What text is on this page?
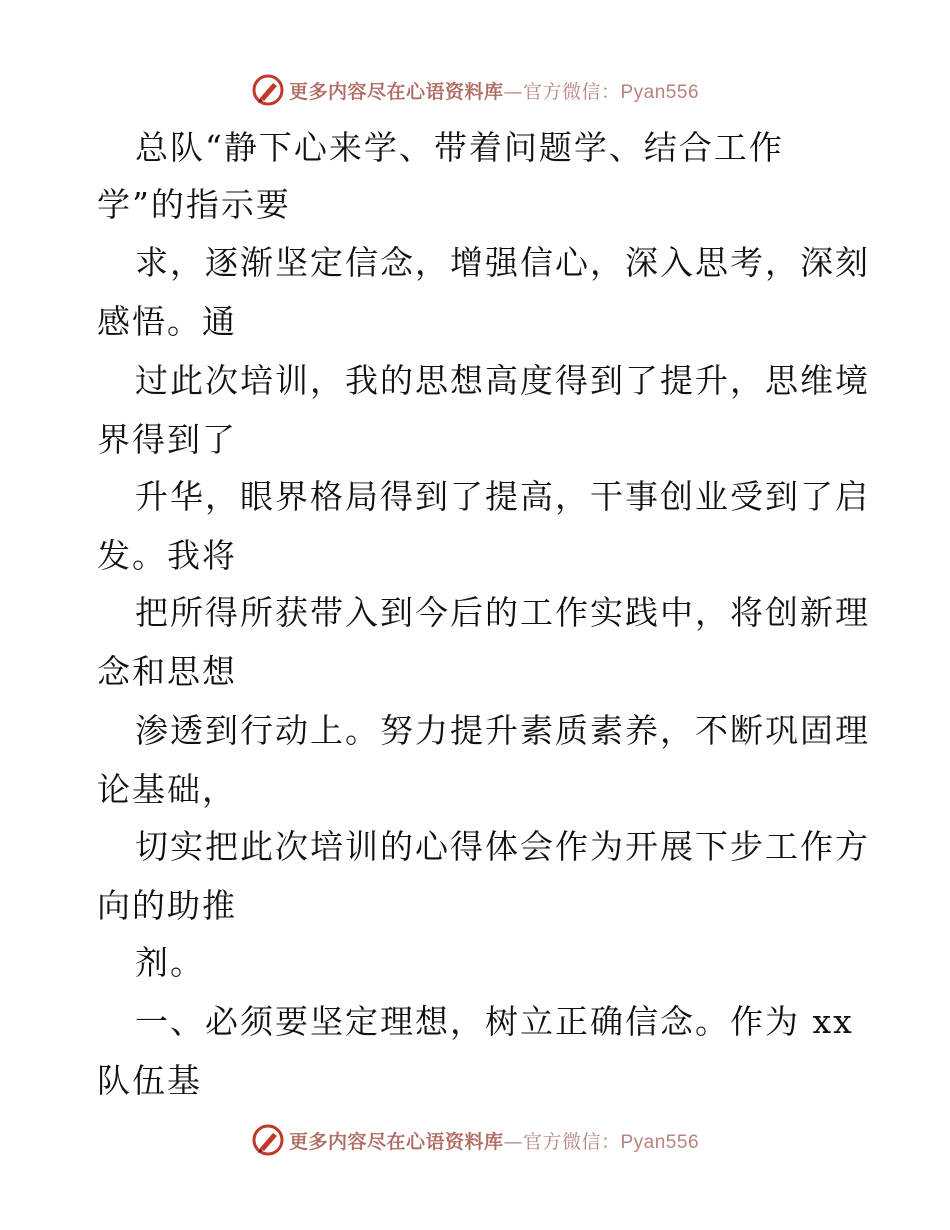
更多内容尽在心语资料库—官方微信：Pyan556
总队“静下心来学、带着问题学、结合工作
学”的指示要
求，逐渐坚定信念，增强信心，深入思考，深刻
感悟。通
过此次培训，我的思想高度得到了提升，思维境
界得到了
升华，眼界格局得到了提高，干事创业受到了启
发。我将
把所得所获带入到今后的工作实践中，将创新理
念和思想
渗透到行动上。努力提升素质素养，不断巩固理
论基础，
切实把此次培训的心得体会作为开展下步工作方
向的助推
剂。
一、必须要坚定理想，树立正确信念。作为 xx
队伍基
更多内容尽在心语资料库—官方微信：Pyan556
